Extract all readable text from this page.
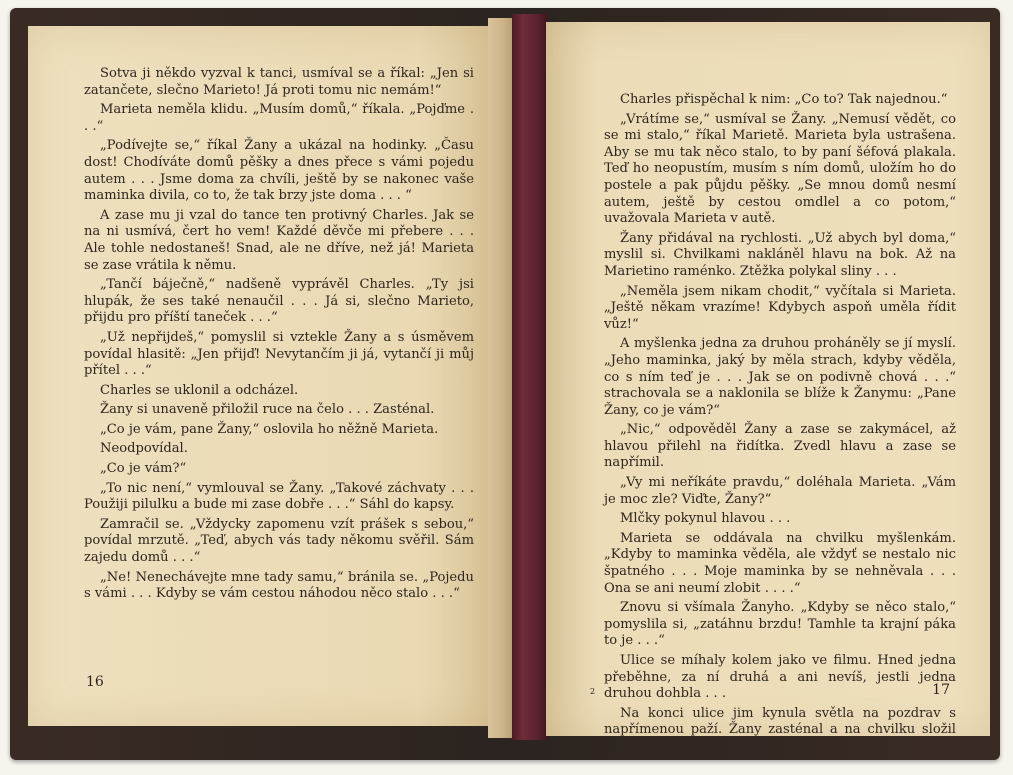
Sotva ji někdo vyzval k tanci, usmíval se a říkal: „Jen si zatančete, slečno Marieto! Já proti tomu nic nemám!“

Marieta neměla klidu. „Musím domů,“ říkala. „Pojďme . . .“

„Podívejte se,“ říkal Žany a ukázal na hodinky. „Času dost! Chodíváte domů pěšky a dnes přece s vámi pojedu autem . . . Jsme doma za chvíli, ještě by se nakonec vaše maminka divila, co to, že tak brzy jste doma . . . “

A zase mu ji vzal do tance ten protivný Charles. Jak se na ni usmívá, čert ho vem! Každé děvče mi přebere . . . Ale tohle nedostaneš! Snad, ale ne dříve, než já! Marieta se zase vrátila k němu.

„Tančí báječně,“ nadšeně vyprávěl Charles. „Ty jsi hlupák, že ses také nenaučil . . . Já si, slečno Marieto, přijdu pro příští taneček . . .“

„Už nepřijdeš,“ pomyslil si vztekle Žany a s úsměvem povídal hlasitě: „Jen přijď! Nevytančím ji já, vytančí ji můj přítel . . .“

Charles se uklonil a odcházel.

Žany si unaveně přiložil ruce na čelo . . . Zasténal.

„Co je vám, pane Žany,“ oslovila ho něžně Marieta.

Neodpovídal.

„Co je vám?“

„To nic není,“ vymlouval se Žany. „Takové záchvaty . . . Použiji pilulku a bude mi zase dobře . . .“ Sáhl do kapsy.

Zamračil se. „Vždycky zapomenu vzít prášek s sebou,“ povídal mrzutě. „Teď, abych vás tady někomu svěřil. Sám zajedu domů . . .“

„Ne! Nenechávejte mne tady samu,“ bránila se. „Pojedu s vámi . . . Kdyby se vám cestou náhodou něco stalo . . .“

16

Charles přispěchal k nim: „Co to? Tak najednou.“

„Vrátíme se,“ usmíval se Žany. „Nemusí vědět, co se mi stalo,“ říkal Marietě. Marieta byla ustrašena. Aby se mu tak něco stalo, to by paní šéfová plakala. Teď ho neopustím, musím s ním domů, uložím ho do postele a pak půjdu pěšky. „Se mnou domů nesmí autem, ještě by cestou omdlel a co potom,“ uvažovala Marieta v autě.

Žany přidával na rychlosti. „Už abych byl doma,“ myslil si. Chvilkami nakláněl hlavu na bok. Až na Marietino raménko. Ztěžka polykal sliny . . .

„Neměla jsem nikam chodit,“ vyčítala si Marieta. „Ještě někam vrazíme! Kdybych aspoň uměla řídit vůz!“

A myšlenka jedna za druhou proháněly se jí myslí. „Jeho maminka, jaký by měla strach, kdyby věděla, co s ním teď je . . . Jak se on podivně chová . . .“ strachovala se a naklonila se blíže k Žanymu: „Pane Žany, co je vám?“

„Nic,“ odpověděl Žany a zase se zakymácel, až hlavou přilehl na řidítka. Zvedl hlavu a zase se napřímil.

„Vy mi neříkáte pravdu,“ doléhala Marieta. „Vám je moc zle? Viďte, Žany?“

Mlčky pokynul hlavou . . .

Marieta se oddávala na chvilku myšlenkám. „Kdyby to maminka věděla, ale vždyť se nestalo nic špatného . . . Moje maminka by se nehněvala . . . Ona se ani neumí zlobit . . . .“

Znovu si všímala Žanyho. „Kdyby se něco stalo,“ pomyslila si, „zatáhnu brzdu! Tamhle ta krajní páka to je . . .“

Ulice se míhaly kolem jako ve filmu. Hned jedna přeběhne, za ní druhá a ani nevíš, jestli jedna druhou dohbla . . .

Na konci ulice jim kynula světla na pozdrav s napřímenou paží. Žany zasténal a na chvilku složil hlavu.

2	17
